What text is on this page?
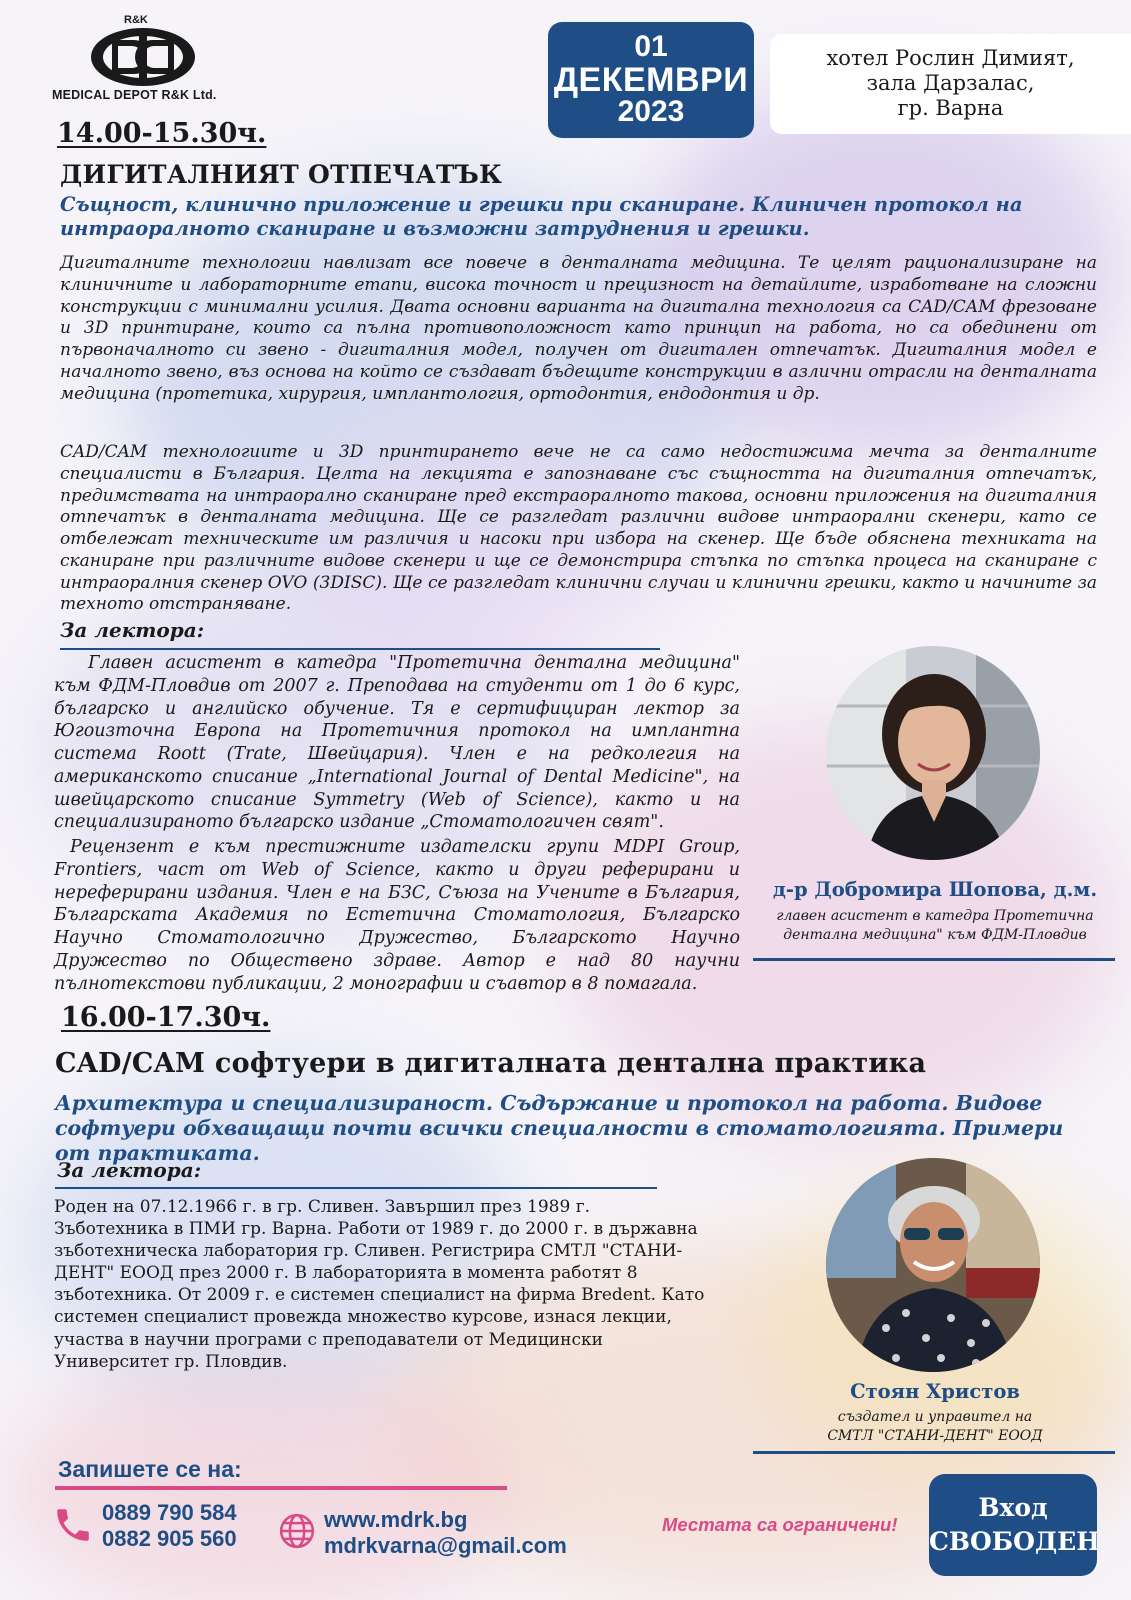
R&K
MEDICAL DEPOT R&K Ltd.
01
ДЕКЕМВРИ
2023
хотел Рослин Димият,
зала Дарзалас,
гр. Варна
14.00-15.30ч.
ДИГИТАЛНИЯТ ОТПЕЧАТЪК
Същност, клинично приложение и грешки при сканиране. Клиничен протокол на интраоралното сканиране и възможни затруднения и грешки.
Дигиталните технологии навлизат все повече в денталната медицина. Те целят рационализиране на клиничните и лабораторните етапи, висока точност и прецизност на детайлите, изработване на сложни конструкции с минимални усилия. Двата основни варианта на дигитална технология са CAD/CAM фрезоване и 3D принтиране, които са пълна противоположност като принцип на работа, но са обединени от първоначалното си звено - дигиталния модел, получен от дигитален отпечатък. Дигиталния модел е началното звено, въз основа на който се създават бъдещите конструкции в азлични отрасли на денталната медицина (протетика, хирургия, имплантология, ортодонтия, ендодонтия и др.
CAD/CAM технологиите и 3D принтирането вече не са само недостижима мечта за денталните специалисти в България. Целта на лекцията е запознаване със същността на дигиталния отпечатък, предимствата на интраорално сканиране пред екстраоралното такова, основни приложения на дигиталния отпечатък в денталната медицина. Ще се разгледат различни видове интраорални скенери, като се отбележат техническите им различия и насоки при избора на скенер. Ще бъде обяснена техниката на сканиране при различните видове скенери и ще се демонстрира стъпка по стъпка процеса на сканиране с интраоралния скенер OVO (3DISC). Ще се разгледат клинични случаи и клинични грешки, както и начините за техното отстраняване.
За лектора:
Главен асистент в катедра "Протетична дентална медицина" към ФДМ-Пловдив от 2007 г. Преподава на студенти от 1 до 6 курс, българско и английско обучение. Тя е сертифициран лектор за Югоизточна Европа на Протетичния протокол на имплантна система Roott (Trate, Швейцария). Член е на редколегия на американското списание „International Journal of Dental Medicine", на швейцарското списание Symmetry (Web of Science), както и на специализираното българско издание „Стоматологичен свят".
Рецензент е към престижните издателски групи MDPI Group, Frontiers, част от Web of Science, както и други реферирани и нереферирани издания. Член е на БЗС, Съюза на Учените в България, Българската Академия по Естетична Стоматология, Българско Научно Стоматологично Дружество, Българското Научно Дружество по Обществено здраве. Автор е над 80 научни пълнотекстови публикации, 2 монографии и съавтор в 8 помагала.
д-р Добромира Шопова, д.м.
главен асистент в катедра Протетична
дентална медицина" към ФДМ-Пловдив
16.00-17.30ч.
CAD/CAM софтуери в дигиталната дентална практика
Архитектура и специализираност. Съдържание и протокол на работа. Видове софтуери обхващащи почти всички специалности в стоматологията. Примери от практиката.
За лектора:
Роден на 07.12.1966 г. в гр. Сливен. Завършил през 1989 г. Зъботехника в ПМИ гр. Варна. Работи от 1989 г. до 2000 г. в държавна зъботехническа лаборатория гр. Сливен. Регистрира СМТЛ "СТАНИ-ДЕНТ" ЕООД през 2000 г. В лабораторията в момента работят 8 зъботехника. От 2009 г. е системен специалист на фирма Bredent. Като системен специалист провежда множество курсове, изнася лекции, участва в научни програми с преподаватели от Медицински Университет гр. Пловдив.
Стоян Христов
създател и управител на
СМТЛ "СТАНИ-ДЕНТ" ЕООД
Запишете се на:
0889 790 584
0882 905 560
www.mdrk.bg
mdrkvarna@gmail.com
Местата са ограничени!
Вход
СВОБОДЕН
